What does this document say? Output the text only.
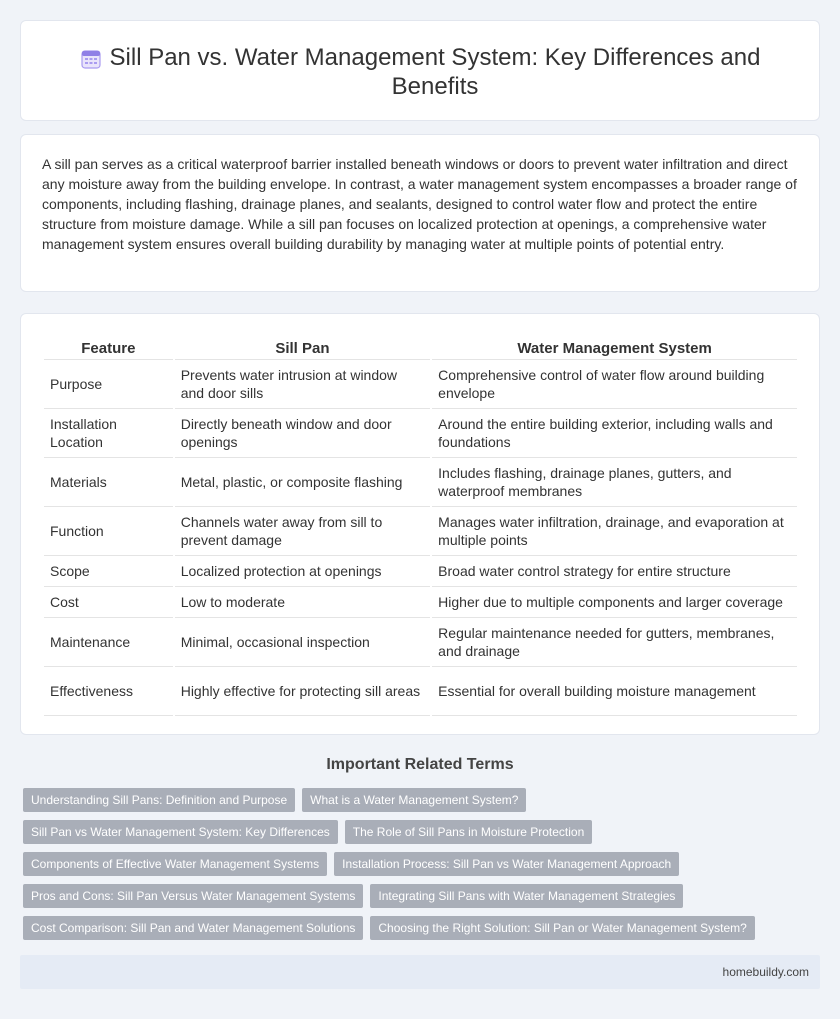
Sill Pan vs. Water Management System: Key Differences and Benefits

A sill pan serves as a critical waterproof barrier installed beneath windows or doors to prevent water infiltration and direct any moisture away from the building envelope. In contrast, a water management system encompasses a broader range of components, including flashing, drainage planes, and sealants, designed to control water flow and protect the entire structure from moisture damage. While a sill pan focuses on localized protection at openings, a comprehensive water management system ensures overall building durability by managing water at multiple points of potential entry.

Feature	Sill Pan	Water Management System
Purpose	Prevents water intrusion at window and door sills	Comprehensive control of water flow around building envelope
Installation Location	Directly beneath window and door openings	Around the entire building exterior, including walls and foundations
Materials	Metal, plastic, or composite flashing	Includes flashing, drainage planes, gutters, and waterproof membranes
Function	Channels water away from sill to prevent damage	Manages water infiltration, drainage, and evaporation at multiple points
Scope	Localized protection at openings	Broad water control strategy for entire structure
Cost	Low to moderate	Higher due to multiple components and larger coverage
Maintenance	Minimal, occasional inspection	Regular maintenance needed for gutters, membranes, and drainage
Effectiveness	Highly effective for protecting sill areas	Essential for overall building moisture management
Important Related Terms
Understanding Sill Pans: Definition and Purpose	What is a Water Management System?
Sill Pan vs Water Management System: Key Differences	The Role of Sill Pans in Moisture Protection
Components of Effective Water Management Systems	Installation Process: Sill Pan vs Water Management Approach
Pros and Cons: Sill Pan Versus Water Management Systems	Integrating Sill Pans with Water Management Strategies
Cost Comparison: Sill Pan and Water Management Solutions	Choosing the Right Solution: Sill Pan or Water Management System?
homebuildy.com
